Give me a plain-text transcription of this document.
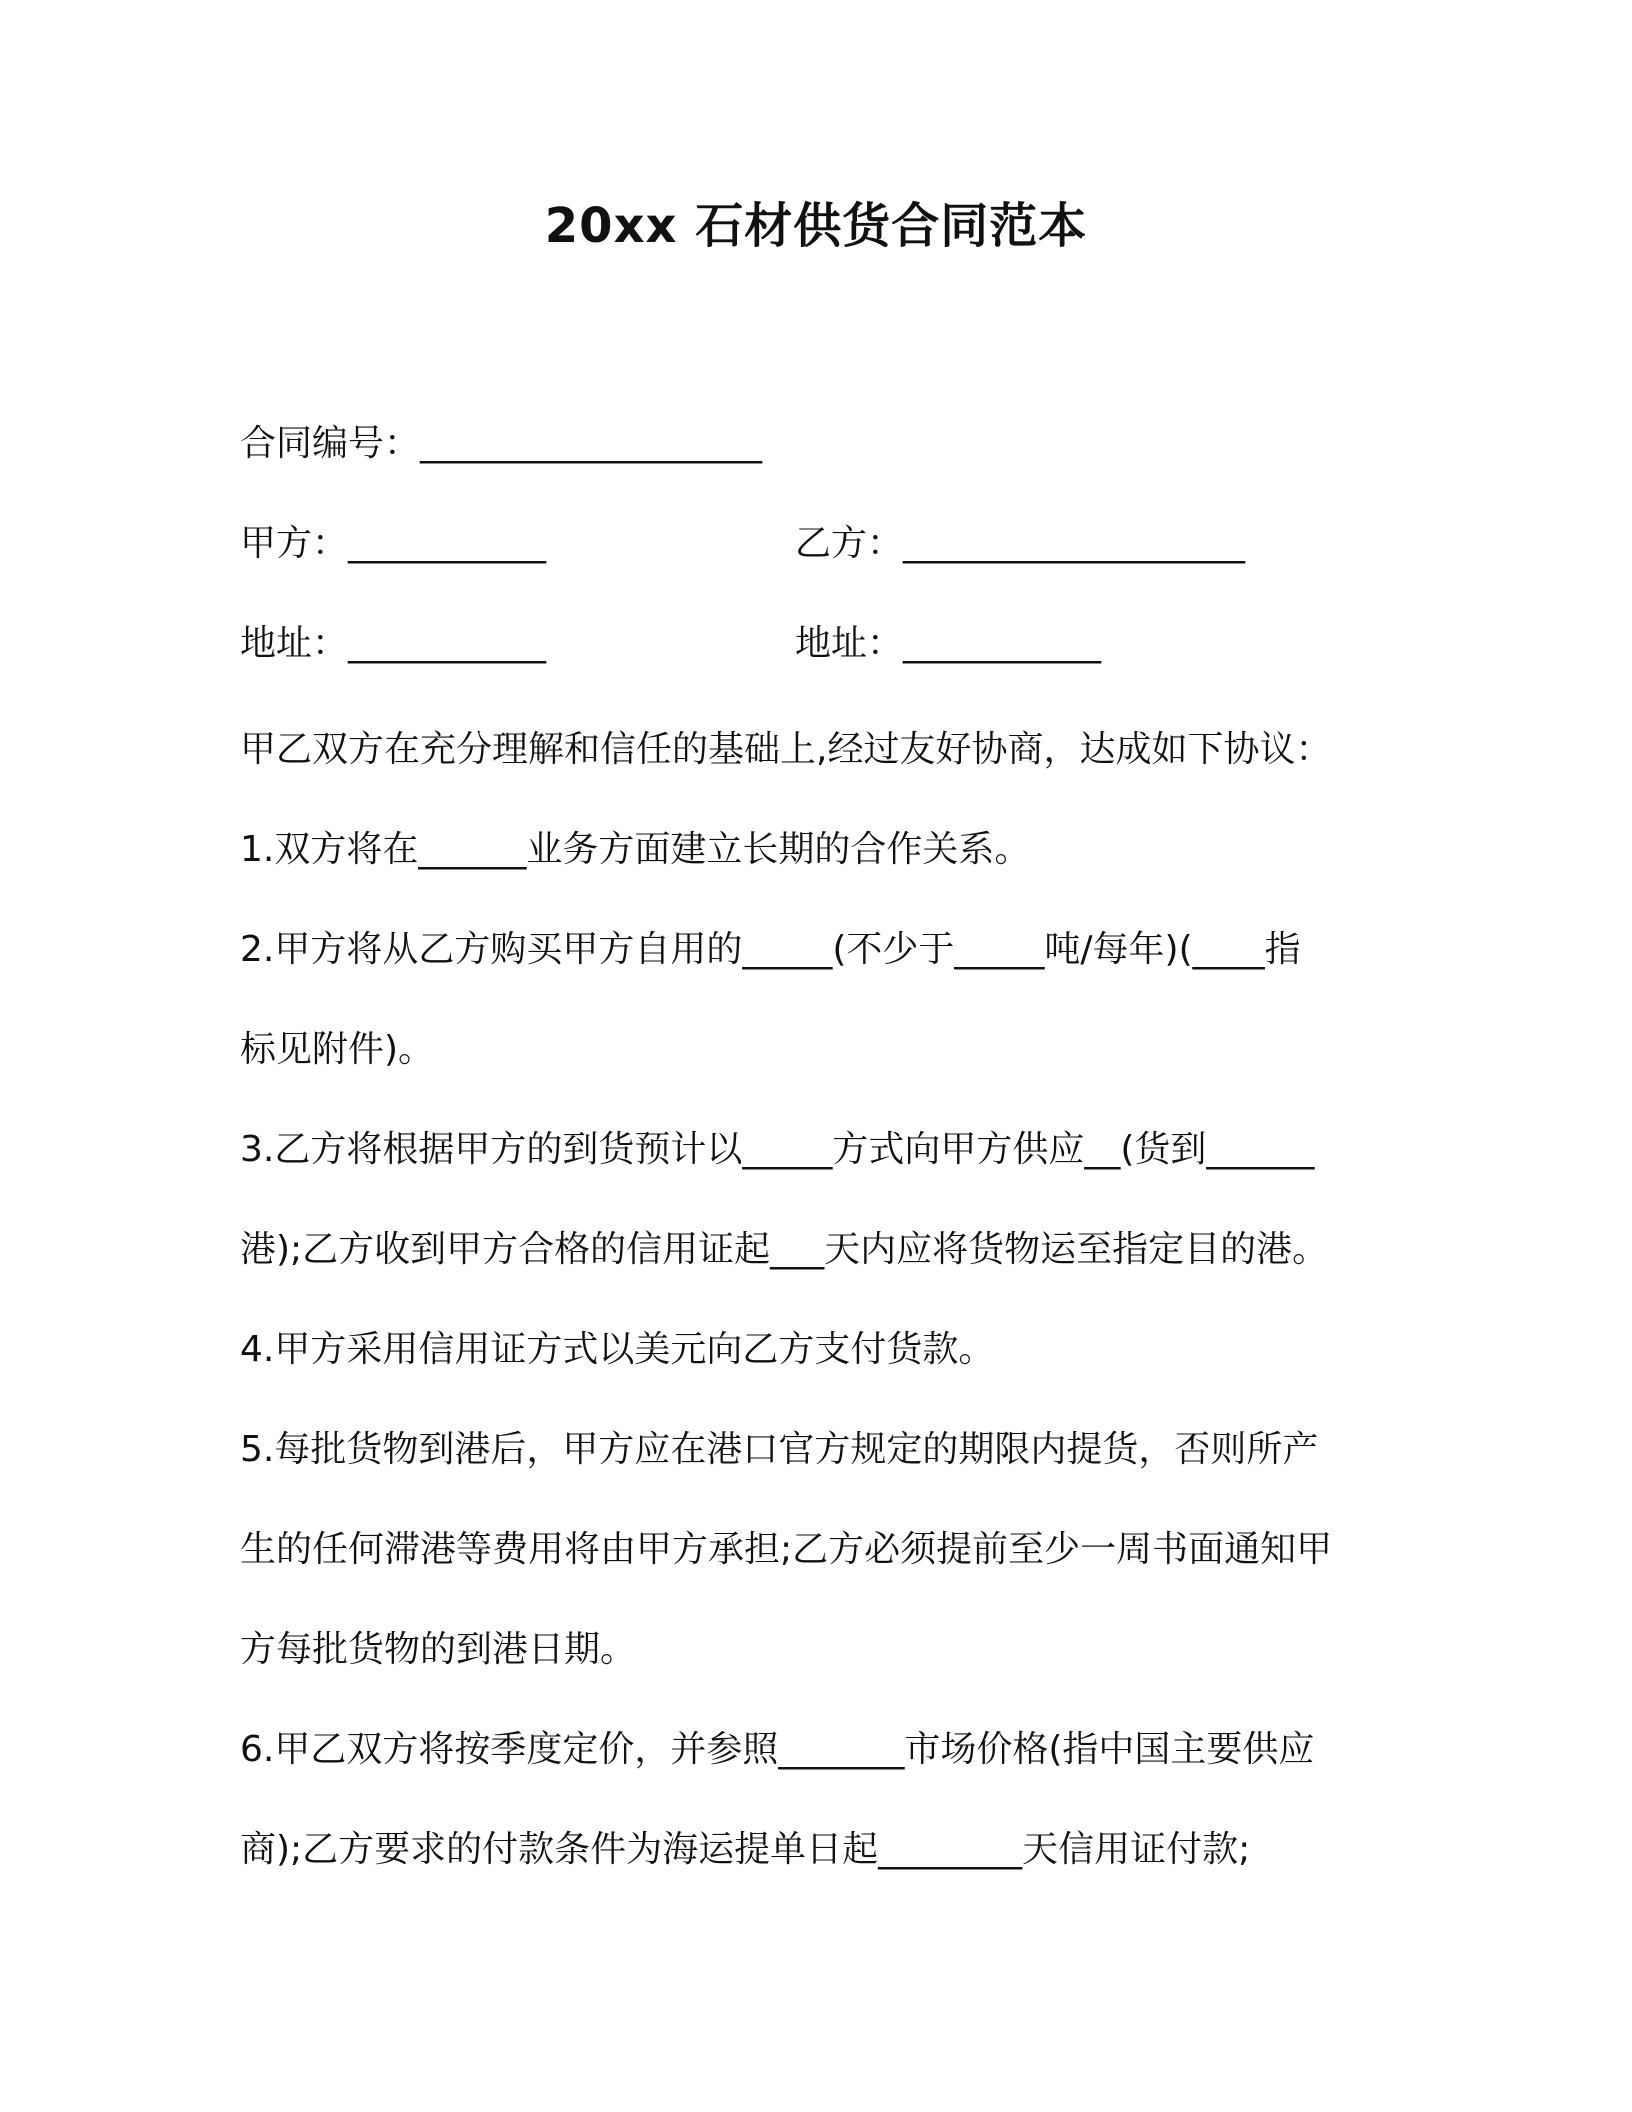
20xx 石材供货合同范本
合同编号：___________________
甲方：___________	乙方：___________________
地址：___________	地址：___________
甲乙双方在充分理解和信任的基础上,经过友好协商，达成如下协议：
1.双方将在______业务方面建立长期的合作关系。
2.甲方将从乙方购买甲方自用的_____(不少于_____吨/每年)(____指
标见附件)。
3.乙方将根据甲方的到货预计以_____方式向甲方供应__(货到______
港);乙方收到甲方合格的信用证起___天内应将货物运至指定目的港。
4.甲方采用信用证方式以美元向乙方支付货款。
5.每批货物到港后，甲方应在港口官方规定的期限内提货，否则所产
生的任何滞港等费用将由甲方承担;乙方必须提前至少一周书面通知甲
方每批货物的到港日期。
6.甲乙双方将按季度定价，并参照_______市场价格(指中国主要供应
商);乙方要求的付款条件为海运提单日起________天信用证付款;
